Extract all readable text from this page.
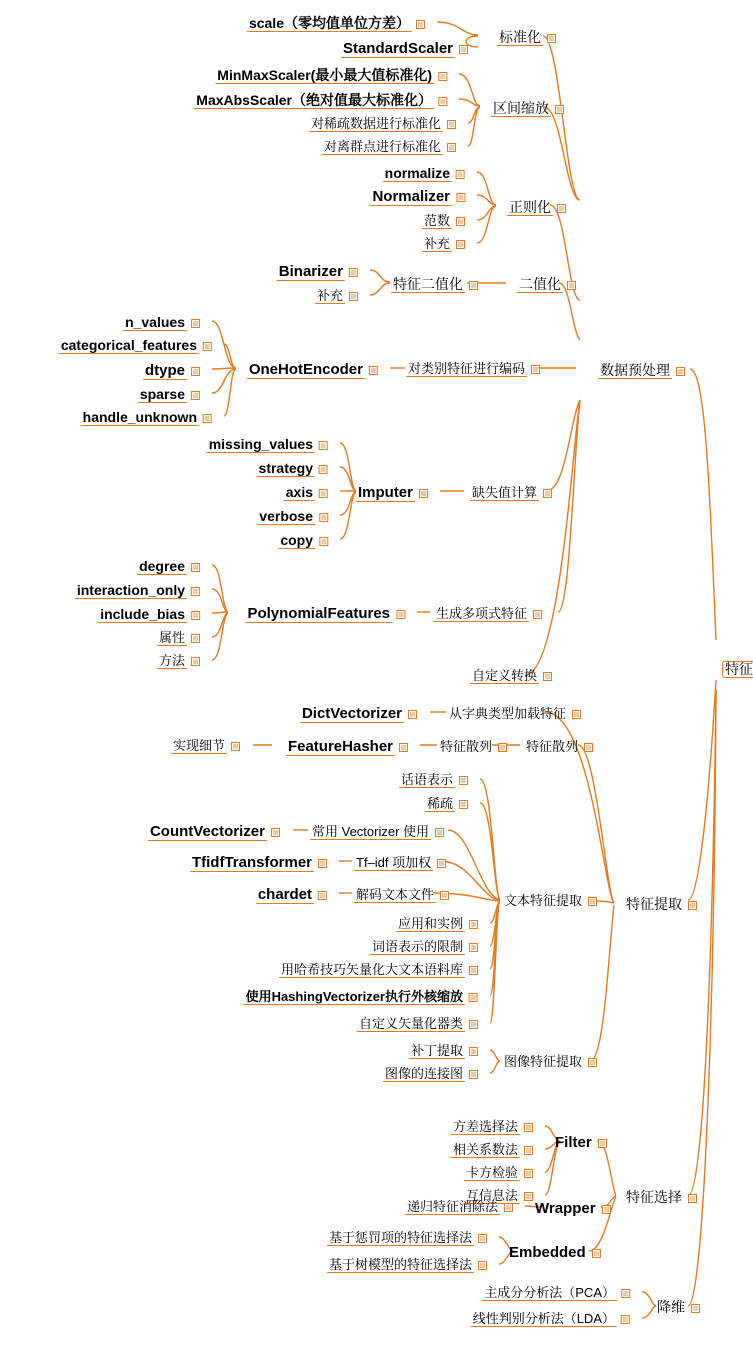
scale（零均值单位方差）
StandardScaler
标准化
MinMaxScaler(最小最大值标准化)
MaxAbsScaler（绝对值最大标准化）
对稀疏数据进行标准化
对离群点进行标准化
区间缩放
normalize
Normalizer
范数
补充
正则化
Binarizer
补充
特征二值化	二值化
n_values
categorical_features
dtype
sparse
handle_unknown
OneHotEncoder	对类别特征进行编码	数据预处理
missing_values
strategy
axis
verbose
copy
Imputer	缺失值计算
degree
interaction_only
include_bias
属性
方法
PolynomialFeatures	生成多项式特征
自定义转换
DictVectorizer	从字典类型加载特征
实现细节	FeatureHasher	特征散列	特征散列
话语表示
稀疏
CountVectorizer	常用 Vectorizer 使用
TfidfTransformer	Tf–idf 项加权
chardet	解码文本文件
应用和实例
词语表示的限制
用哈希技巧矢量化大文本语料库
使用HashingVectorizer执行外核缩放
自定义矢量化器类
文本特征提取
补丁提取
图像的连接图
图像特征提取
特征提取
方差选择法
相关系数法
卡方检验
互信息法
Filter
递归特征消除法	Wrapper
基于惩罚项的特征选择法
基于树模型的特征选择法
Embedded
特征选择
主成分分析法（PCA）
线性判别分析法（LDA）
降维
特征
